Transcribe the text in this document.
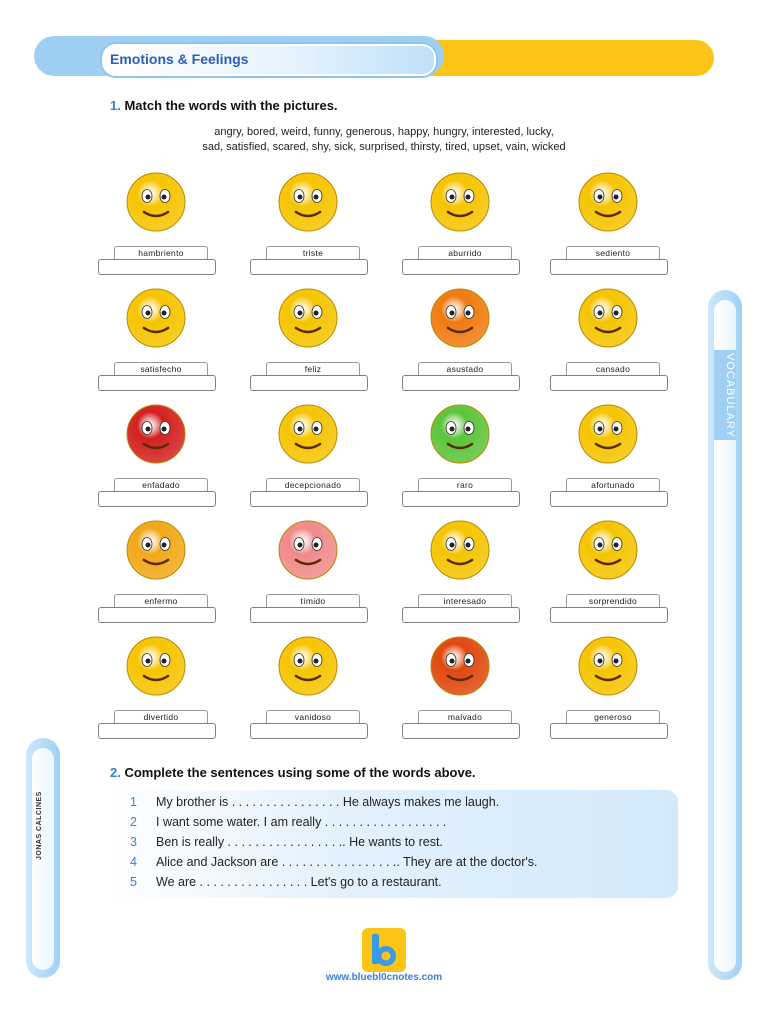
Emotions & Feelings
1. Match the words with the pictures.
angry, bored, weird, funny, generous, happy, hungry, interested, lucky,
sad, satisfied, scared, shy, sick, surprised, thirsty, tired, upset, vain, wicked
hambriento	triste	aburrido	sediento
satisfecho	feliz	asustado	cansado
enfadado	decepcionado	raro	afortunado
enfermo	tímido	interesado	sorprendido
divertido	vanidoso	malvado	generoso
VOCABULARY
JONAS CALCINES
2. Complete the sentences using some of the words above.
1 My brother is . . . . . . . . . . . . . . . . He always makes me laugh.
2 I want some water. I am really . . . . . . . . . . . . . . . . . .
3 Ben is really . . . . . . . . . . . . . . . . .. He wants to rest.
4 Alice and Jackson are . . . . . . . . . . . . . . . . .. They are at the doctor's.
5 We are . . . . . . . . . . . . . . . . Let's go to a restaurant.
www.bluebl0cnotes.com
